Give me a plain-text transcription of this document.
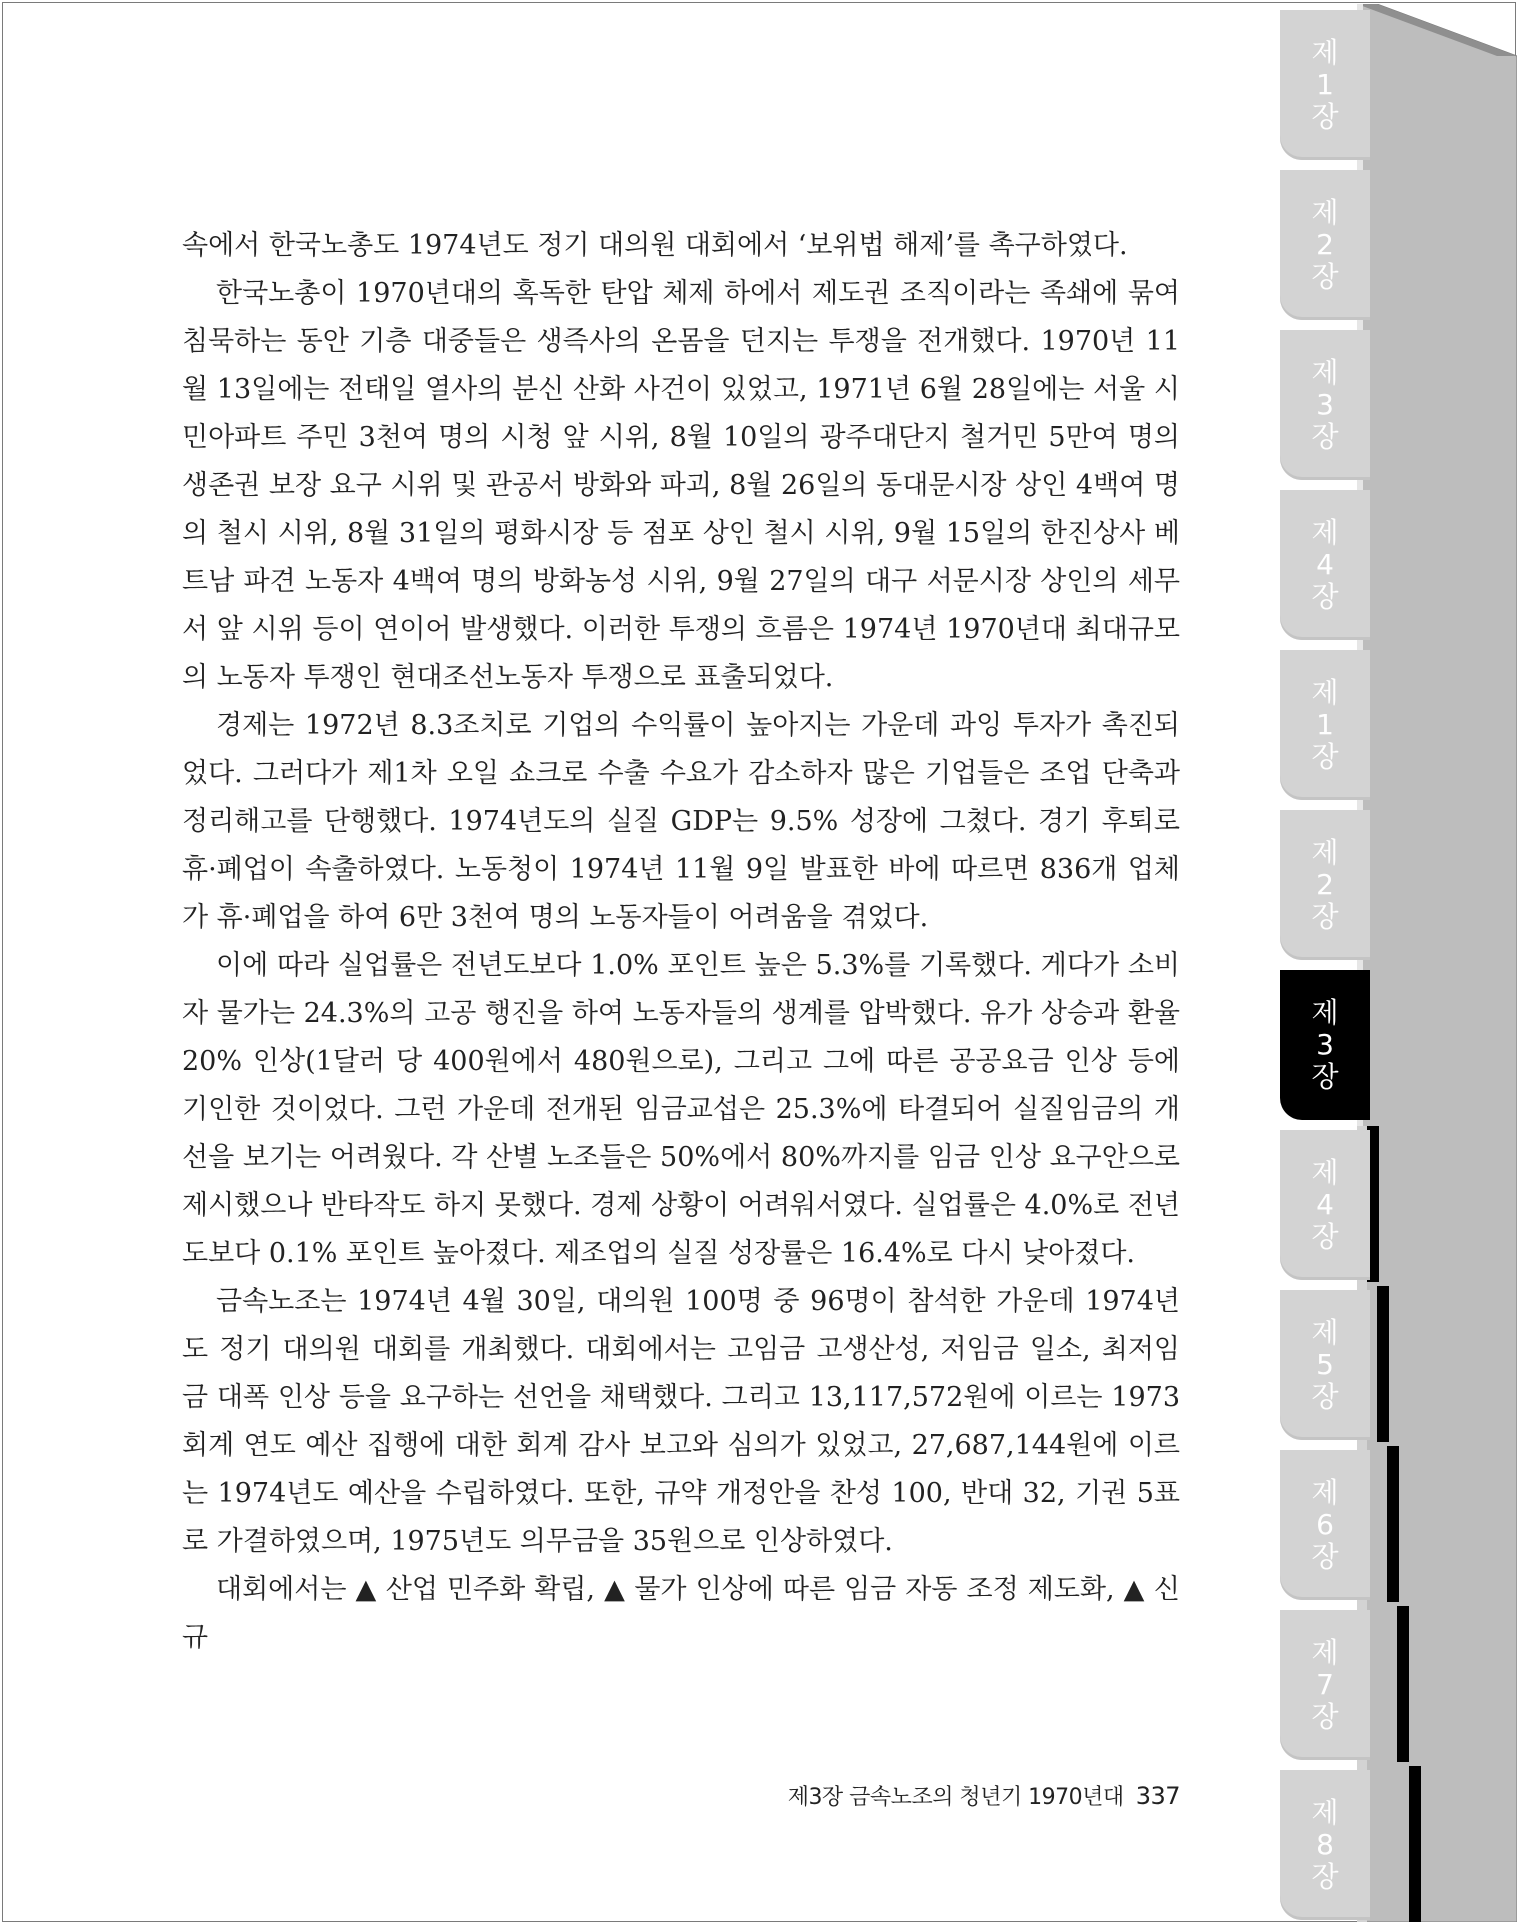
제
1
장
제
2
장
제
3
장
제
4
장
제
1
장
제
2
장
제
3
장
제
4
장
제
5
장
제
6
장
제
7
장
제
8
장

속에서 한국노총도 1974년도 정기 대의원 대회에서 ‘보위법 해제’를 촉구하였다.

한국노총이 1970년대의 혹독한 탄압 체제 하에서 제도권 조직이라는 족쇄에 묶여 침묵하는 동안 기층 대중들은 생즉사의 온몸을 던지는 투쟁을 전개했다. 1970년 11월 13일에는 전태일 열사의 분신 산화 사건이 있었고, 1971년 6월 28일에는 서울 시민아파트 주민 3천여 명의 시청 앞 시위, 8월 10일의 광주대단지 철거민 5만여 명의 생존권 보장 요구 시위 및 관공서 방화와 파괴, 8월 26일의 동대문시장 상인 4백여 명의 철시 시위, 8월 31일의 평화시장 등 점포 상인 철시 시위, 9월 15일의 한진상사 베트남 파견 노동자 4백여 명의 방화농성 시위, 9월 27일의 대구 서문시장 상인의 세무서 앞 시위 등이 연이어 발생했다. 이러한 투쟁의 흐름은 1974년 1970년대 최대규모의 노동자 투쟁인 현대조선노동자 투쟁으로 표출되었다.

경제는 1972년 8.3조치로 기업의 수익률이 높아지는 가운데 과잉 투자가 촉진되었다. 그러다가 제1차 오일 쇼크로 수출 수요가 감소하자 많은 기업들은 조업 단축과 정리해고를 단행했다. 1974년도의 실질 GDP는 9.5% 성장에 그쳤다. 경기 후퇴로 휴·폐업이 속출하였다. 노동청이 1974년 11월 9일 발표한 바에 따르면 836개 업체가 휴·폐업을 하여 6만 3천여 명의 노동자들이 어려움을 겪었다.

이에 따라 실업률은 전년도보다 1.0% 포인트 높은 5.3%를 기록했다. 게다가 소비자 물가는 24.3%의 고공 행진을 하여 노동자들의 생계를 압박했다. 유가 상승과 환율 20% 인상(1달러 당 400원에서 480원으로), 그리고 그에 따른 공공요금 인상 등에 기인한 것이었다. 그런 가운데 전개된 임금교섭은 25.3%에 타결되어 실질임금의 개선을 보기는 어려웠다. 각 산별 노조들은 50%에서 80%까지를 임금 인상 요구안으로 제시했으나 반타작도 하지 못했다. 경제 상황이 어려워서였다. 실업률은 4.0%로 전년도보다 0.1% 포인트 높아졌다. 제조업의 실질 성장률은 16.4%로 다시 낮아졌다.

금속노조는 1974년 4월 30일, 대의원 100명 중 96명이 참석한 가운데 1974년도 정기 대의원 대회를 개최했다. 대회에서는 고임금 고생산성, 저임금 일소, 최저임금 대폭 인상 등을 요구하는 선언을 채택했다. 그리고 13,117,572원에 이르는 1973 회계 연도 예산 집행에 대한 회계 감사 보고와 심의가 있었고, 27,687,144원에 이르는 1974년도 예산을 수립하였다. 또한, 규약 개정안을 찬성 100, 반대 32, 기권 5표로 가결하였으며, 1975년도 의무금을 35원으로 인상하였다.

대회에서는 ▲ 산업 민주화 확립, ▲ 물가 인상에 따른 임금 자동 조정 제도화, ▲ 신규

제3장 금속노조의 청년기 1970년대 337
